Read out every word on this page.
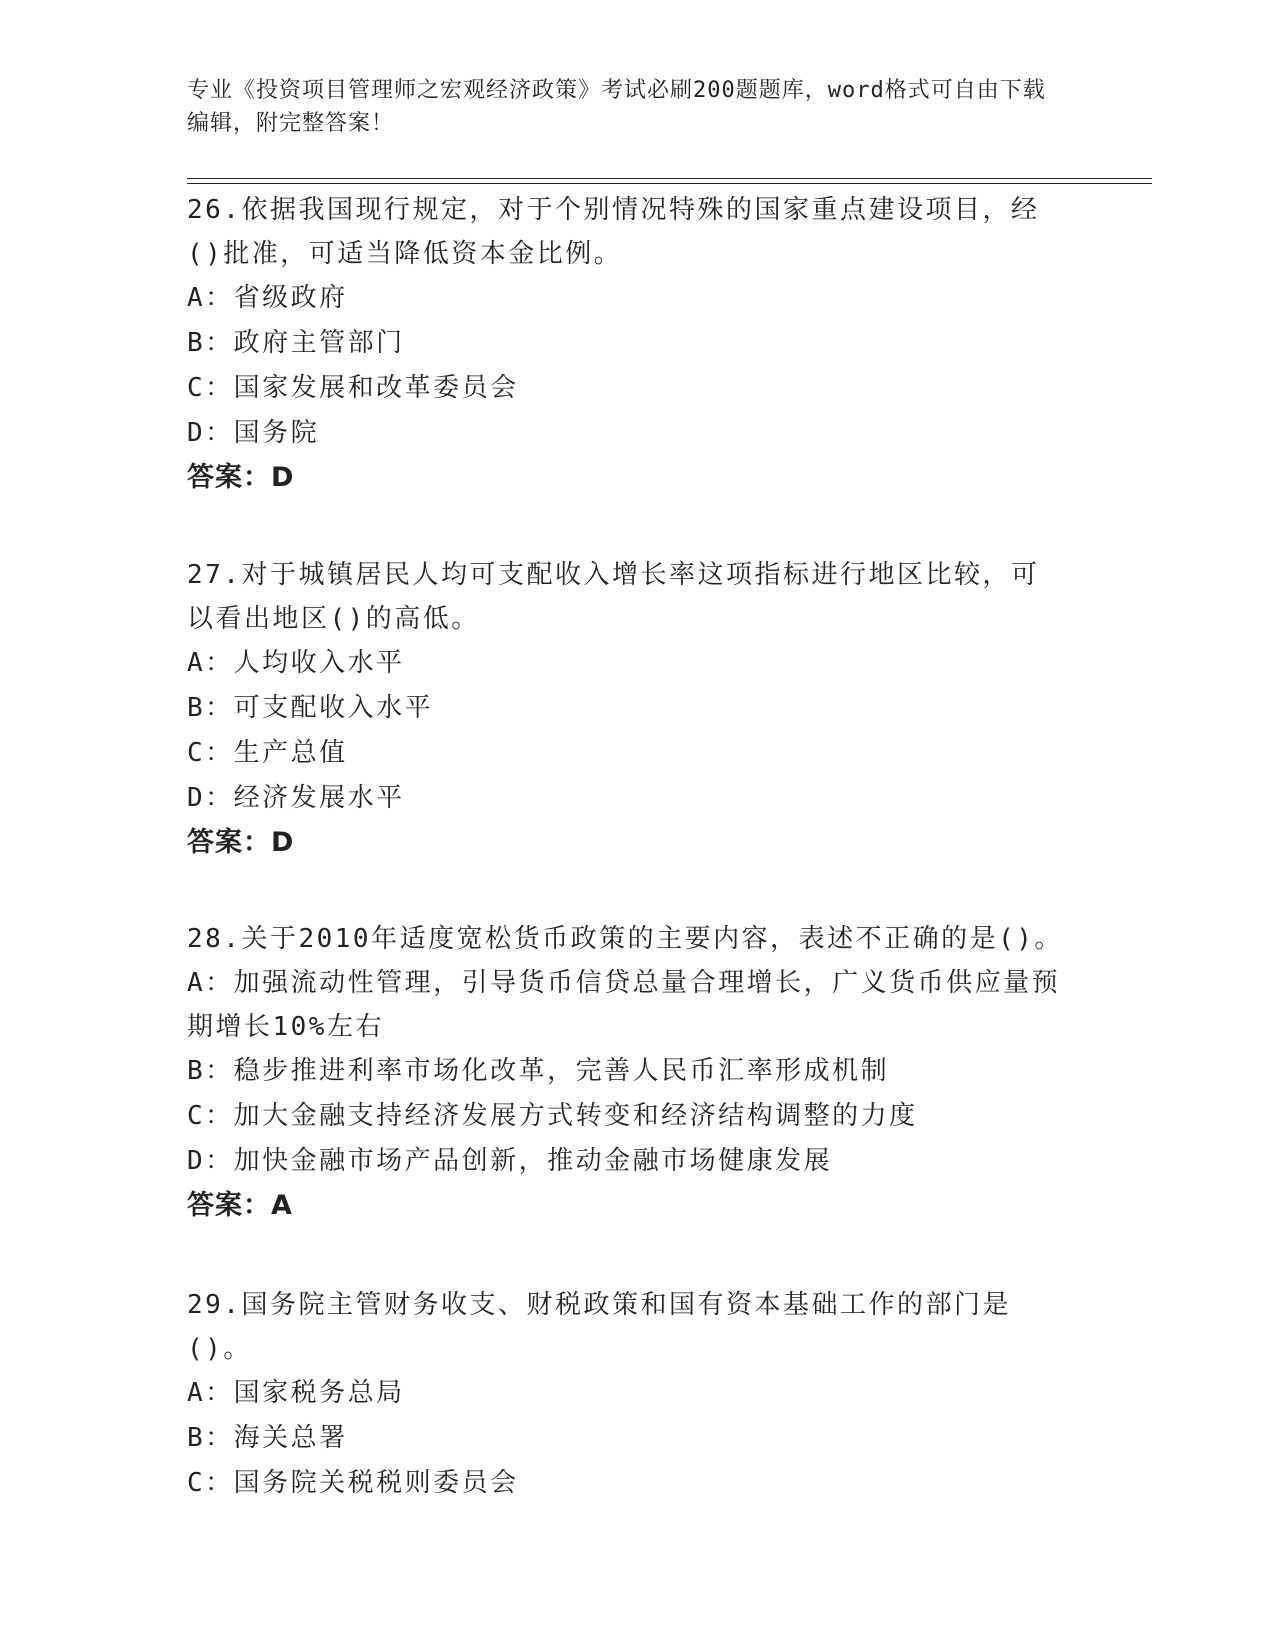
专业《投资项目管理师之宏观经济政策》考试必刷200题题库，word格式可自由下载编辑，附完整答案！
26.依据我国现行规定，对于个别情况特殊的国家重点建设项目，经()批准，可适当降低资本金比例。
A：省级政府
B：政府主管部门
C：国家发展和改革委员会
D：国务院
答案：D
27.对于城镇居民人均可支配收入增长率这项指标进行地区比较，可以看出地区()的高低。
A：人均收入水平
B：可支配收入水平
C：生产总值
D：经济发展水平
答案：D
28.关于2010年适度宽松货币政策的主要内容，表述不正确的是()。
A：加强流动性管理，引导货币信贷总量合理增长，广义货币供应量预期增长10%左右
B：稳步推进利率市场化改革，完善人民币汇率形成机制
C：加大金融支持经济发展方式转变和经济结构调整的力度
D：加快金融市场产品创新，推动金融市场健康发展
答案：A
29.国务院主管财务收支、财税政策和国有资本基础工作的部门是()。
A：国家税务总局
B：海关总署
C：国务院关税税则委员会
